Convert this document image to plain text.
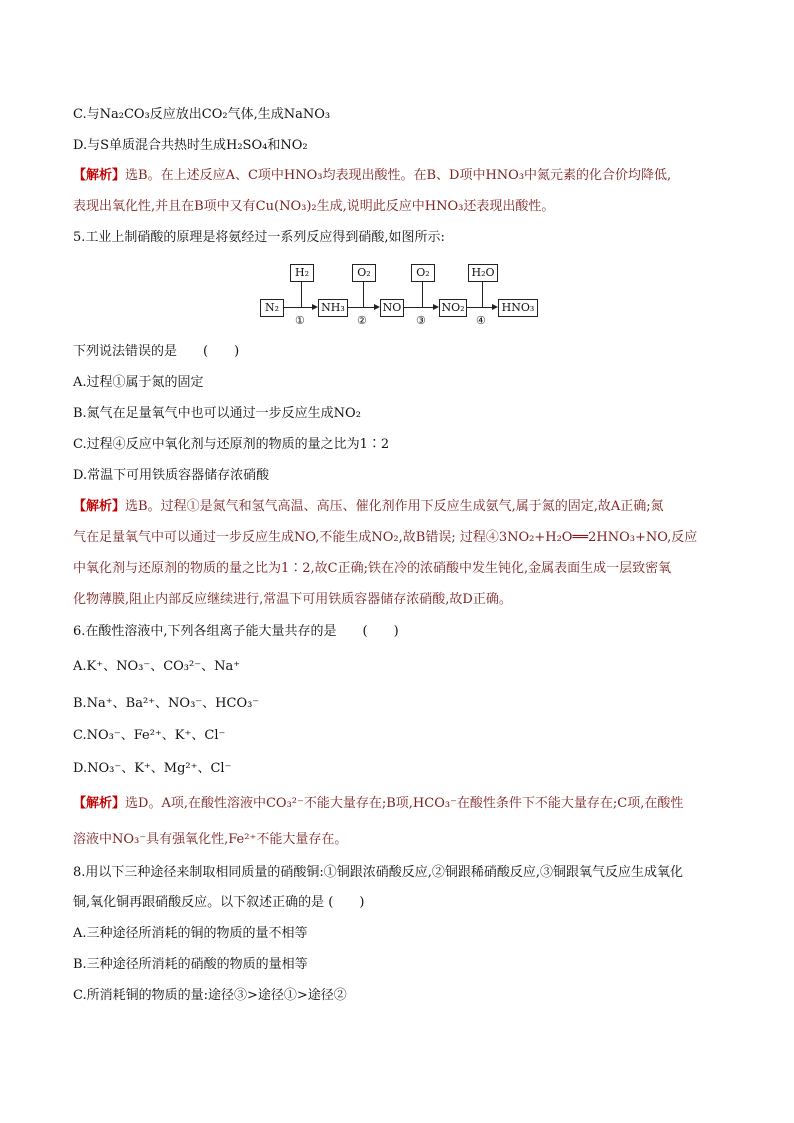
C.与Na₂CO₃反应放出CO₂气体,生成NaNO₃
D.与S单质混合共热时生成H₂SO₄和NO₂
【解析】选B。在上述反应A、C项中HNO₃均表现出酸性。在B、D项中HNO₃中氮元素的化合价均降低,
表现出氧化性,并且在B项中又有Cu(NO₃)₂生成,说明此反应中HNO₃还表现出酸性。
5.工业上制硝酸的原理是将氨经过一系列反应得到硝酸,如图所示:
H₂	O₂	O₂	H₂O
N₂	NH₃	NO	NO₂	HNO₃
①	②	③	④
下列说法错误的是　　(　　)
A.过程①属于氮的固定
B.氮气在足量氧气中也可以通过一步反应生成NO₂
C.过程④反应中氧化剂与还原剂的物质的量之比为1∶2
D.常温下可用铁质容器储存浓硝酸
【解析】选B。过程①是氮气和氢气高温、高压、催化剂作用下反应生成氨气,属于氮的固定,故A正确;氮
气在足量氧气中可以通过一步反应生成NO,不能生成NO₂,故B错误; 过程④3NO₂+H₂O══2HNO₃+NO,反应
中氧化剂与还原剂的物质的量之比为1∶2,故C正确;铁在冷的浓硝酸中发生钝化,金属表面生成一层致密氧
化物薄膜,阻止内部反应继续进行,常温下可用铁质容器储存浓硝酸,故D正确。
6.在酸性溶液中,下列各组离子能大量共存的是　　(　　)
A.K⁺、NO₃⁻、CO₃²⁻、Na⁺
B.Na⁺、Ba²⁺、NO₃⁻、HCO₃⁻
C.NO₃⁻、Fe²⁺、K⁺、Cl⁻
D.NO₃⁻、K⁺、Mg²⁺、Cl⁻
【解析】选D。A项,在酸性溶液中CO₃²⁻不能大量存在;B项,HCO₃⁻在酸性条件下不能大量存在;C项,在酸性
溶液中NO₃⁻具有强氧化性,Fe²⁺不能大量存在。
8.用以下三种途径来制取相同质量的硝酸铜:①铜跟浓硝酸反应,②铜跟稀硝酸反应,③铜跟氧气反应生成氧化
铜,氧化铜再跟硝酸反应。以下叙述正确的是 (　　)
A.三种途径所消耗的铜的物质的量不相等
B.三种途径所消耗的硝酸的物质的量相等
C.所消耗铜的物质的量:途径③>途径①>途径②
